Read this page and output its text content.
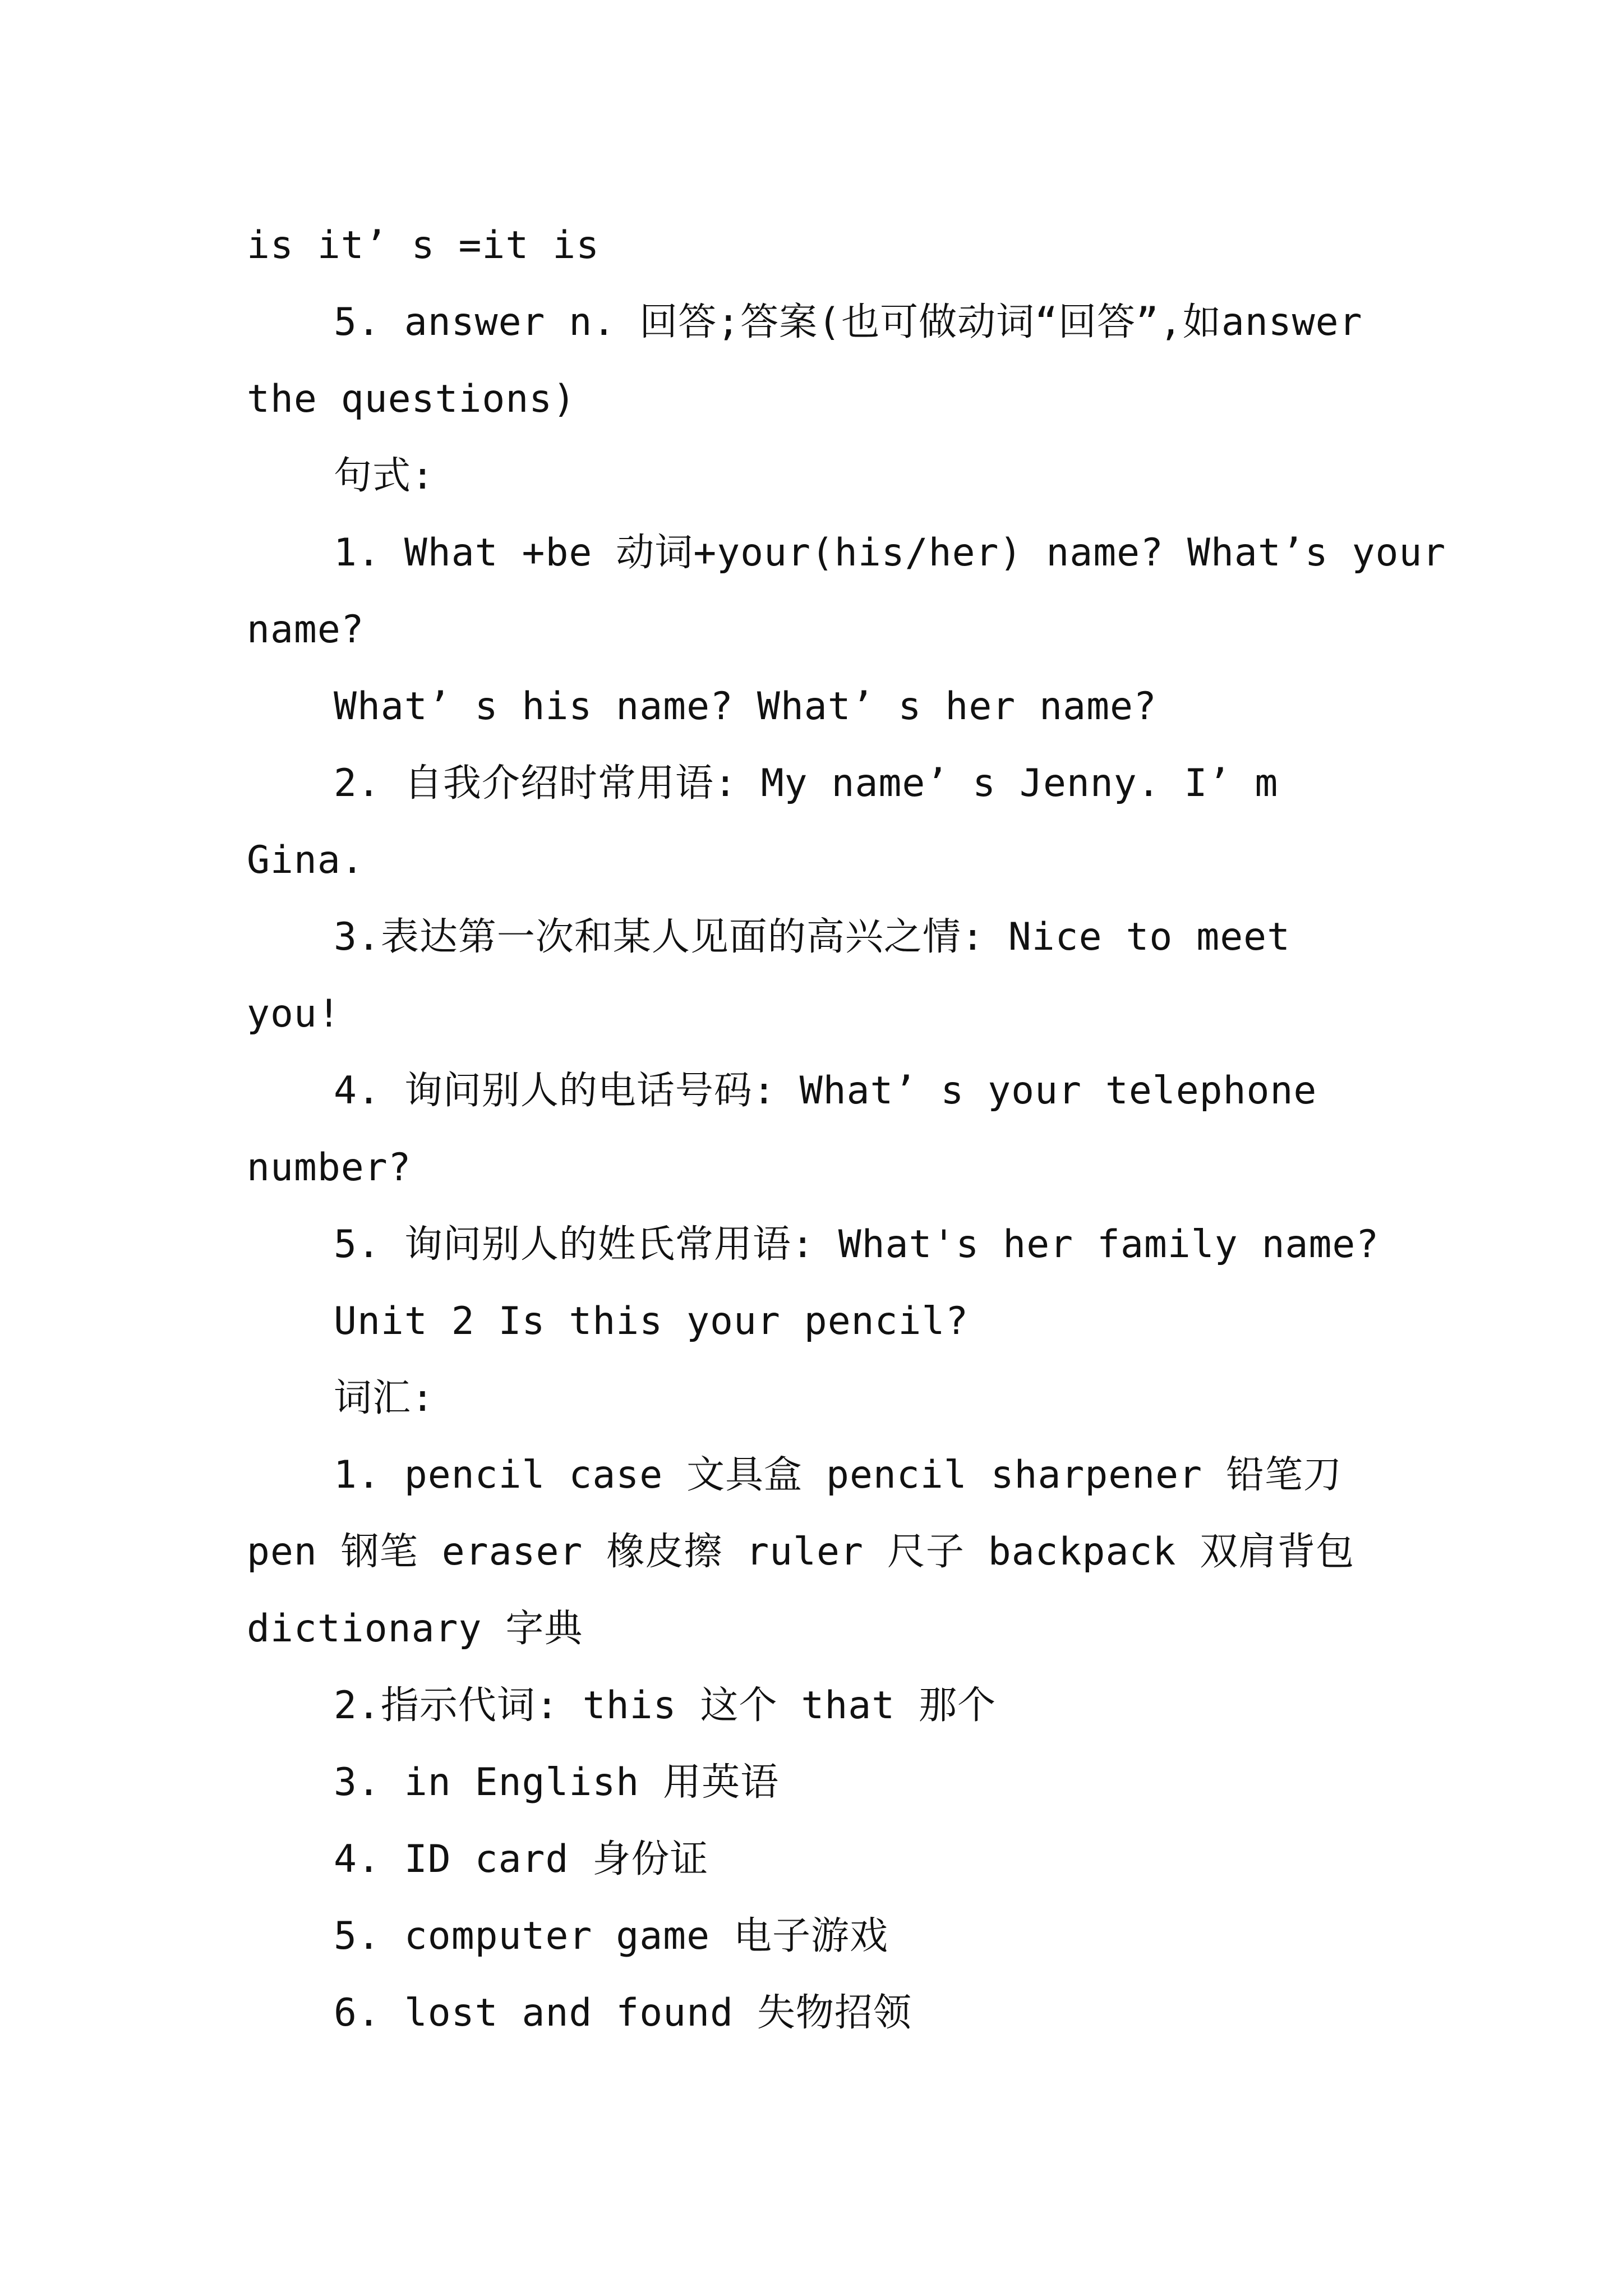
is it’ s =it is
5. answer n. 回答;答案(也可做动词“回答”,如answer
the questions)
句式:
1. What +be 动词+your(his/her) name? What’s your
name?
What’ s his name? What’ s her name?
2. 自我介绍时常用语: My name’ s Jenny. I’ m
Gina.
3.表达第一次和某人见面的高兴之情: Nice to meet
you!
4. 询问别人的电话号码: What’ s your telephone
number?
5. 询问别人的姓氏常用语: What's her family name?
Unit 2 Is this your pencil?
词汇:
1. pencil case 文具盒 pencil sharpener 铅笔刀
pen 钢笔 eraser 橡皮擦 ruler 尺子 backpack 双肩背包
dictionary 字典
2.指示代词: this 这个 that 那个
3. in English 用英语
4. ID card 身份证
5. computer game 电子游戏
6. lost and found 失物招领
